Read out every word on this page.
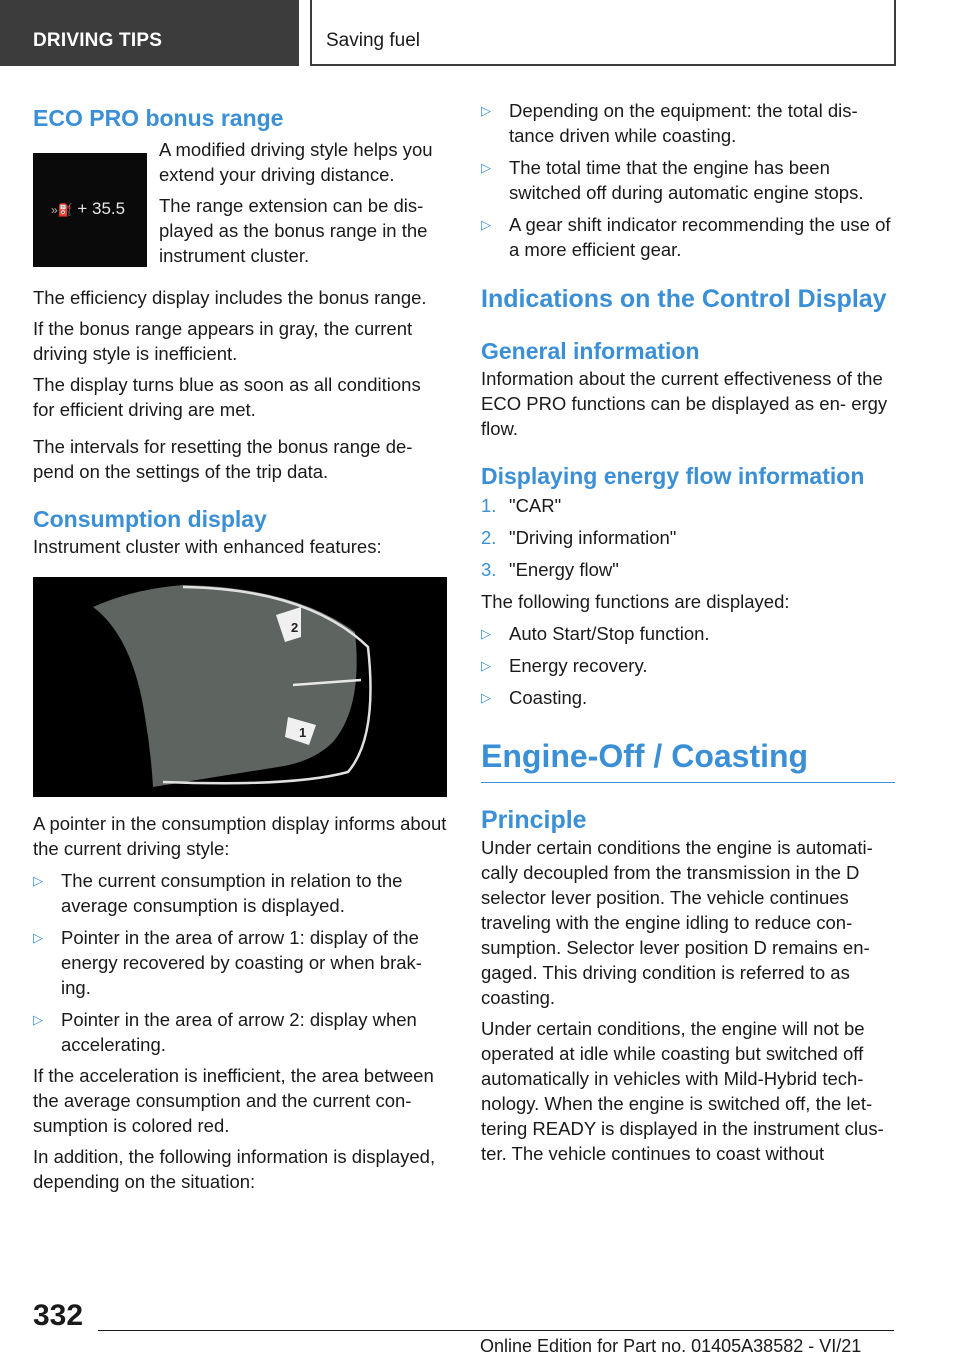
DRIVING TIPS	Saving fuel
ECO PRO bonus range
»⛽ + 35.5

A modified driving style helps you extend your driving distance.

The range extension can be dis- played as the bonus range in the instrument cluster.

The efficiency display includes the bonus range.

If the bonus range appears in gray, the current driving style is inefficient.

The display turns blue as soon as all conditions for efficient driving are met.

The intervals for resetting the bonus range de- pend on the settings of the trip data.

Consumption display

Instrument cluster with enhanced features:

2
1

A pointer in the consumption display informs about the current driving style:

▷ The current consumption in relation to the average consumption is displayed.
▷ Pointer in the area of arrow 1: display of the energy recovered by coasting or when brak- ing.
▷ Pointer in the area of arrow 2: display when accelerating.

If the acceleration is inefficient, the area between the average consumption and the current con- sumption is colored red.

In addition, the following information is displayed, depending on the situation:

▷ Depending on the equipment: the total dis- tance driven while coasting.
▷ The total time that the engine has been switched off during automatic engine stops.
▷ A gear shift indicator recommending the use of a more efficient gear.
Indications on the Control Display
General information

Information about the current effectiveness of the ECO PRO functions can be displayed as en- ergy flow.

Displaying energy flow information
1. "CAR"
2. "Driving information"
3. "Energy flow"

The following functions are displayed:

▷ Auto Start/Stop function.
▷ Energy recovery.
▷ Coasting.
Engine-Off / Coasting
Principle

Under certain conditions the engine is automati- cally decoupled from the transmission in the D selector lever position. The vehicle continues traveling with the engine idling to reduce con- sumption. Selector lever position D remains en- gaged. This driving condition is referred to as coasting.

Under certain conditions, the engine will not be operated at idle while coasting but switched off automatically in vehicles with Mild-Hybrid tech- nology. When the engine is switched off, the let- tering READY is displayed in the instrument clus- ter. The vehicle continues to coast without

332
Online Edition for Part no. 01405A38582 - VI/21
